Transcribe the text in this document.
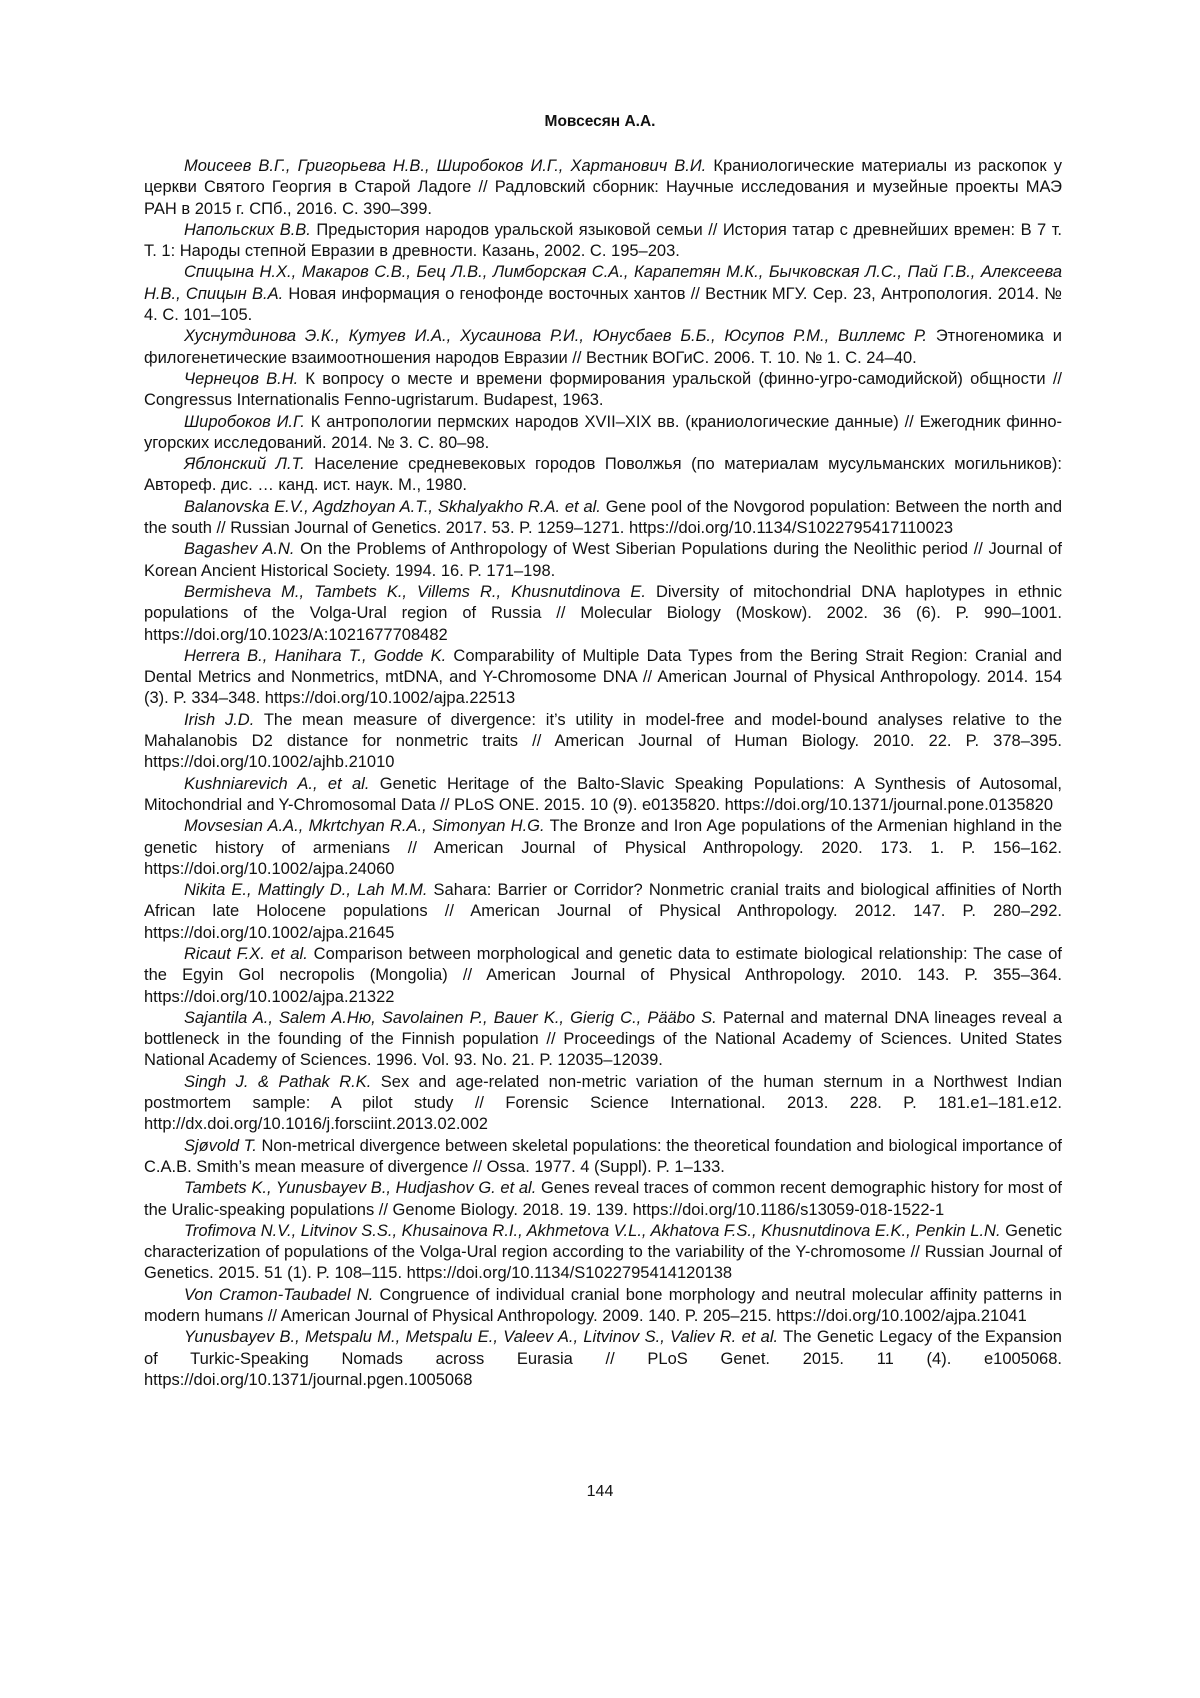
Мовсесян А.А.

Моисеев В.Г., Григорьева Н.В., Широбоков И.Г., Хартанович В.И. Краниологические материалы из раскопок у церкви Святого Георгия в Старой Ладоге // Радловский сборник: Научные исследования и музейные проекты МАЭ РАН в 2015 г. СПб., 2016. С. 390–399.

Напольских В.В. Предыстория народов уральской языковой семьи // История татар с древнейших времен: В 7 т. Т. 1: Народы степной Евразии в древности. Казань, 2002. С. 195–203.

Спицына Н.Х., Макаров С.В., Бец Л.В., Лимборская С.А., Карапетян М.К., Бычковская Л.С., Пай Г.В., Алексеева Н.В., Спицын В.А. Новая информация о генофонде восточных хантов // Вестник МГУ. Сер. 23, Антропология. 2014. № 4. С. 101–105.

Хуснутдинова Э.К., Кутуев И.А., Хусаинова Р.И., Юнусбаев Б.Б., Юсупов Р.М., Виллемс Р. Этногеномика и филогенетические взаимоотношения народов Евразии // Вестник ВОГиС. 2006. Т. 10. № 1. С. 24–40.

Чернецов В.Н. К вопросу о месте и времени формирования уральской (финно-угро-самодийской) общности // Congressus Internationalis Fenno-ugristarum. Budapest, 1963.

Широбоков И.Г. К антропологии пермских народов XVII–XIX вв. (краниологические данные) // Ежегодник финно-угорских исследований. 2014. № 3. С. 80–98.

Яблонский Л.Т. Население средневековых городов Поволжья (по материалам мусульманских могильников): Автореф. дис. … канд. ист. наук. М., 1980.

Balanovska E.V., Agdzhoyan A.T., Skhalyakho R.A. et al. Gene pool of the Novgorod population: Between the north and the south // Russian Journal of Genetics. 2017. 53. P. 1259–1271. https://doi.org/10.1134/S1022795417110023

Bagashev A.N. On the Problems of Anthropology of West Siberian Populations during the Neolithic period // Journal of Korean Ancient Historical Society. 1994. 16. P. 171–198.

Bermisheva M., Tambets K., Villems R., Khusnutdinova E. Diversity of mitochondrial DNA haplotypes in ethnic populations of the Volga-Ural region of Russia // Molecular Biology (Moskow). 2002. 36 (6). P. 990–1001. https://doi.org/10.1023/A:1021677708482

Herrera B., Hanihara T., Godde K. Comparability of Multiple Data Types from the Bering Strait Region: Cranial and Dental Metrics and Nonmetrics, mtDNA, and Y-Chromosome DNA // American Journal of Physical Anthropology. 2014. 154 (3). P. 334–348. https://doi.org/10.1002/ajpa.22513

Irish J.D. The mean measure of divergence: it’s utility in model-free and model-bound analyses relative to the Mahalanobis D2 distance for nonmetric traits // American Journal of Human Biology. 2010. 22. P. 378–395. https://doi.org/10.1002/ajhb.21010

Kushniarevich A., et al. Genetic Heritage of the Balto-Slavic Speaking Populations: A Synthesis of Autosomal, Mitochondrial and Y-Chromosomal Data // PLoS ONE. 2015. 10 (9). e0135820. https://doi.org/10.1371/journal.pone.0135820

Movsesian A.A., Mkrtchyan R.A., Simonyan H.G. The Bronze and Iron Age populations of the Armenian highland in the genetic history of armenians // American Journal of Physical Anthropology. 2020. 173. 1. P. 156–162. https://doi.org/10.1002/ajpa.24060

Nikita E., Mattingly D., Lah M.M. Sahara: Barrier or Corridor? Nonmetric cranial traits and biological affinities of North African late Holocene populations // American Journal of Physical Anthropology. 2012. 147. P. 280–292. https://doi.org/10.1002/ajpa.21645

Ricaut F.X. et al. Comparison between morphological and genetic data to estimate biological relationship: The case of the Egyin Gol necropolis (Mongolia) // American Journal of Physical Anthropology. 2010. 143. P. 355–364. https://doi.org/10.1002/ajpa.21322

Sajantila A., Salem A.Hю, Savolainen P., Bauer K., Gierig C., Pääbo S. Paternal and maternal DNA lineages reveal a bottleneck in the founding of the Finnish population // Proceedings of the National Academy of Sciences. United States National Academy of Sciences. 1996. Vol. 93. No. 21. P. 12035–12039.

Singh J. & Pathak R.K. Sex and age-related non-metric variation of the human sternum in a Northwest Indian postmortem sample: A pilot study // Forensic Science International. 2013. 228. P. 181.e1–181.e12. http://dx.doi.org/10.1016/j.forsciint.2013.02.002

Sjøvold T. Non-metrical divergence between skeletal populations: the theoretical foundation and biological importance of C.A.B. Smith’s mean measure of divergence // Ossa. 1977. 4 (Suppl). P. 1–133.

Tambets K., Yunusbayev B., Hudjashov G. et al. Genes reveal traces of common recent demographic history for most of the Uralic-speaking populations // Genome Biology. 2018. 19. 139. https://doi.org/10.1186/s13059-018-1522-1

Trofimova N.V., Litvinov S.S., Khusainova R.I., Akhmetova V.L., Akhatova F.S., Khusnutdinova E.K., Penkin L.N. Genetic characterization of populations of the Volga-Ural region according to the variability of the Y-chromosome // Russian Journal of Genetics. 2015. 51 (1). P. 108–115. https://doi.org/10.1134/S1022795414120138

Von Cramon-Taubadel N. Congruence of individual cranial bone morphology and neutral molecular affinity patterns in modern humans // American Journal of Physical Anthropology. 2009. 140. P. 205–215. https://doi.org/10.1002/ajpa.21041

Yunusbayev B., Metspalu M., Metspalu E., Valeev A., Litvinov S., Valiev R. et al. The Genetic Legacy of the Expansion of Turkic-Speaking Nomads across Eurasia // PLoS Genet. 2015. 11 (4). e1005068. https://doi.org/10.1371/journal.pgen.1005068

144
